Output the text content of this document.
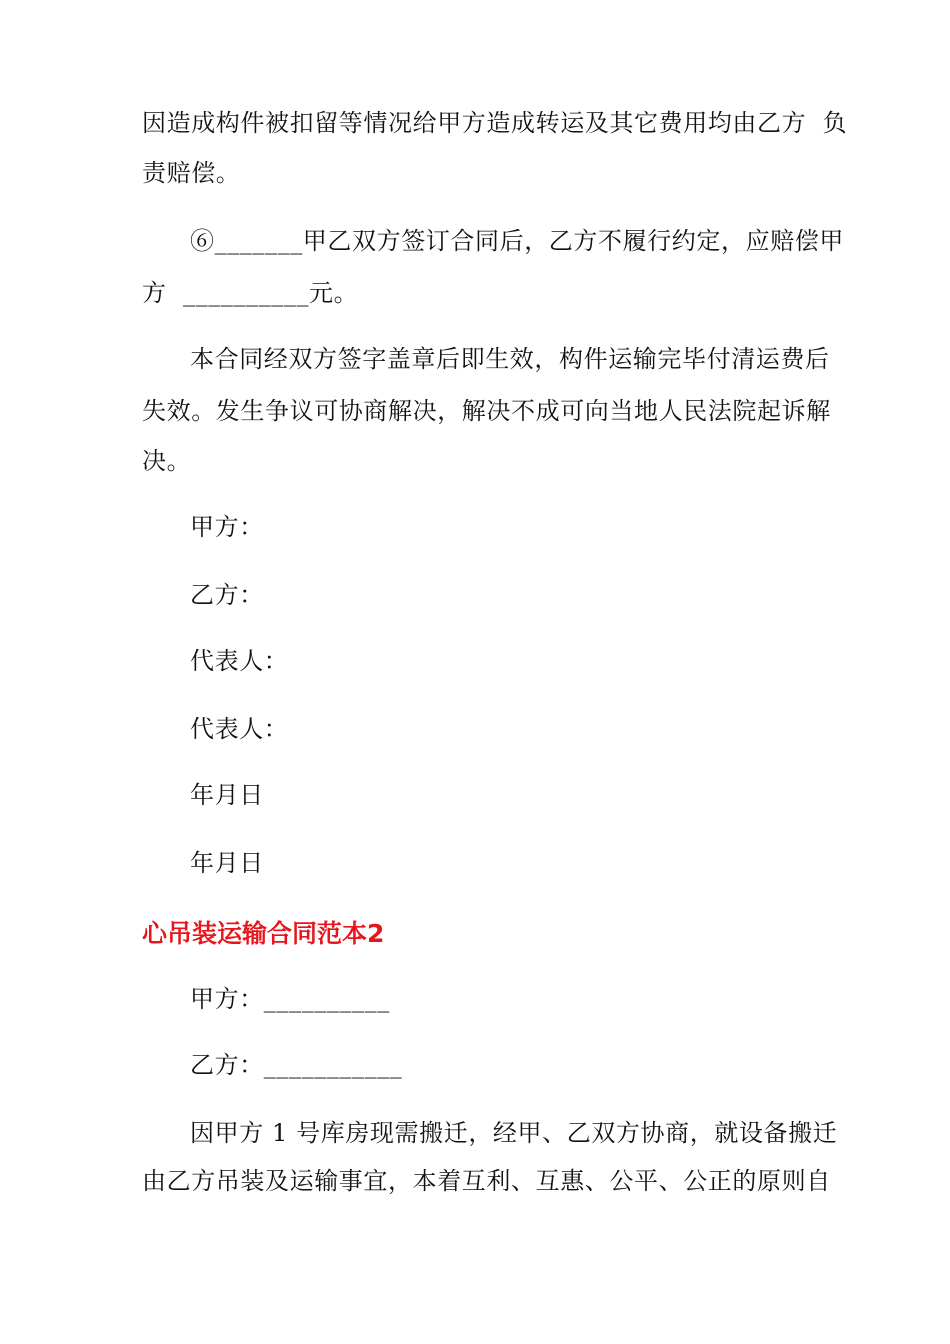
因造成构件被扣留等情况给甲方造成转运及其它费用均由乙方  负
责赔偿。
⑥_______甲乙双方签订合同后，乙方不履行约定，应赔偿甲
方  __________元。
本合同经双方签字盖章后即生效，构件运输完毕付清运费后
失效。发生争议可协商解决，解决不成可向当地人民法院起诉解
决。
甲方：
乙方：
代表人：
代表人：
年月日
年月日
心吊装运输合同范本2
甲方：__________
乙方：___________
因甲方 1 号库房现需搬迁，经甲、乙双方协商，就设备搬迁
由乙方吊装及运输事宜，本着互利、互惠、公平、公正的原则自
